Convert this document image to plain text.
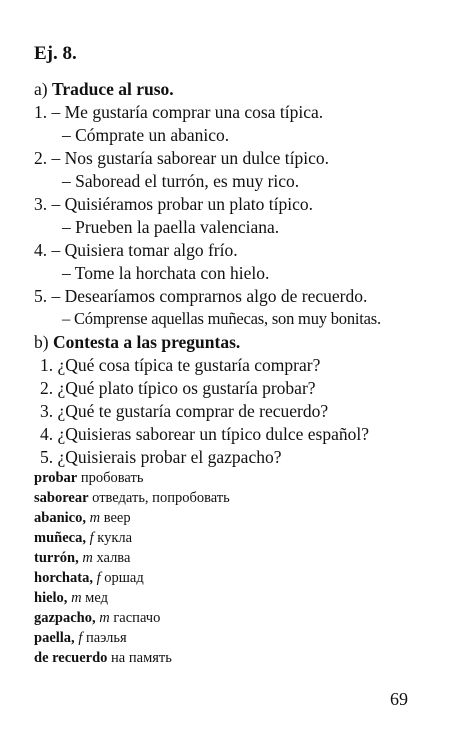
Ej. 8.
a) Traduce al ruso.
1. – Me gustaría comprar una cosa típica.
– Cómprate un abanico.
2. – Nos gustaría saborear un dulce típico.
– Saboread el turrón, es muy rico.
3. – Quisiéramos probar un plato típico.
– Prueben la paella valenciana.
4. – Quisiera tomar algo frío.
– Tome la horchata con hielo.
5. – Desearíamos comprarnos algo de recuerdo.
– Cómprense aquellas muñecas, son muy bonitas.
b) Contesta a las preguntas.
1. ¿Qué cosa típica te gustaría comprar?
2. ¿Qué plato típico os gustaría probar?
3. ¿Qué te gustaría comprar de recuerdo?
4. ¿Quisieras saborear un típico dulce español?
5. ¿Quisierais probar el gazpacho?
probar пробовать
saborear отведать, попробовать
abanico, m веер
muñeca, f кукла
turrón, m халва
horchata, f оршад
hielo, m мед
gazpacho, m гаспачо
paella, f паэлья
de recuerdo на память
69
